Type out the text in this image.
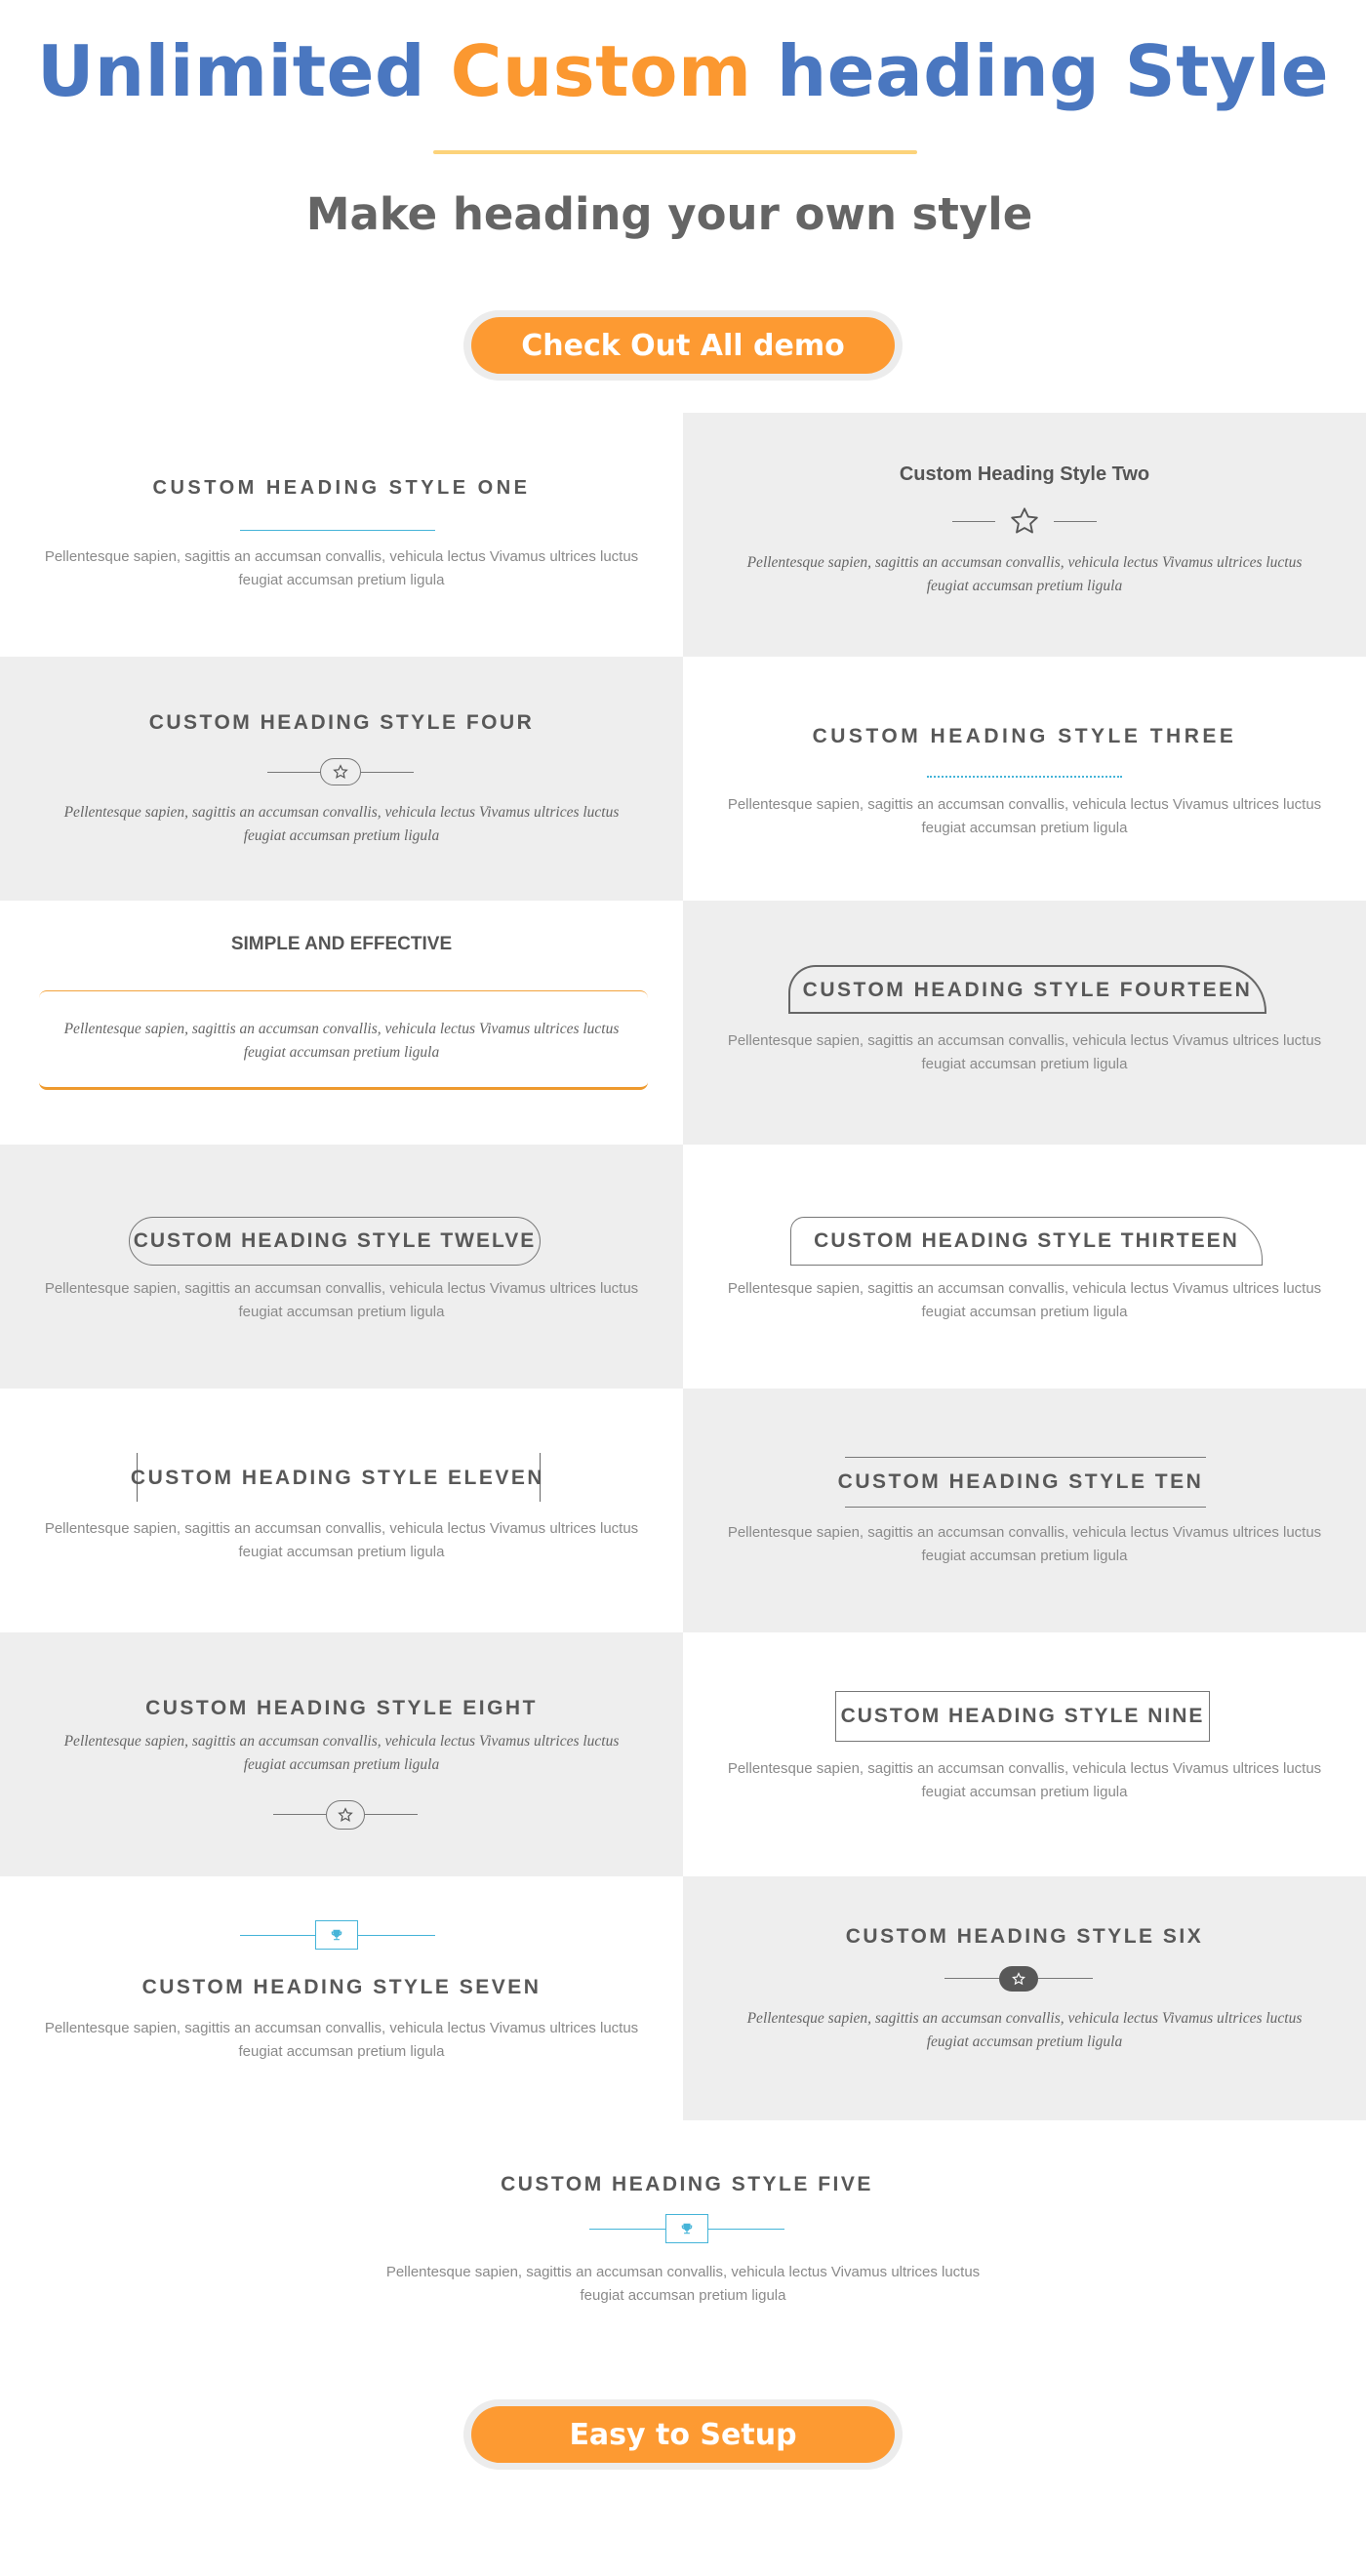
Unlimited Custom heading Style
Make heading your own style
Check Out All demo
CUSTOM HEADING STYLE ONE
Pellentesque sapien, sagittis an accumsan convallis, vehicula lectus Vivamus ultrices luctus feugiat accumsan pretium ligula
Custom Heading Style Two
Pellentesque sapien, sagittis an accumsan convallis, vehicula lectus Vivamus ultrices luctus feugiat accumsan pretium ligula
CUSTOM HEADING STYLE FOUR
Pellentesque sapien, sagittis an accumsan convallis, vehicula lectus Vivamus ultrices luctus feugiat accumsan pretium ligula
CUSTOM HEADING STYLE THREE
Pellentesque sapien, sagittis an accumsan convallis, vehicula lectus Vivamus ultrices luctus feugiat accumsan pretium ligula
SIMPLE AND EFFECTIVE
Pellentesque sapien, sagittis an accumsan convallis, vehicula lectus Vivamus ultrices luctus feugiat accumsan pretium ligula
CUSTOM HEADING STYLE FOURTEEN
Pellentesque sapien, sagittis an accumsan convallis, vehicula lectus Vivamus ultrices luctus feugiat accumsan pretium ligula
CUSTOM HEADING STYLE TWELVE
Pellentesque sapien, sagittis an accumsan convallis, vehicula lectus Vivamus ultrices luctus feugiat accumsan pretium ligula
CUSTOM HEADING STYLE THIRTEEN
Pellentesque sapien, sagittis an accumsan convallis, vehicula lectus Vivamus ultrices luctus feugiat accumsan pretium ligula
CUSTOM HEADING STYLE ELEVEN
Pellentesque sapien, sagittis an accumsan convallis, vehicula lectus Vivamus ultrices luctus feugiat accumsan pretium ligula
CUSTOM HEADING STYLE TEN
Pellentesque sapien, sagittis an accumsan convallis, vehicula lectus Vivamus ultrices luctus feugiat accumsan pretium ligula
CUSTOM HEADING STYLE EIGHT
Pellentesque sapien, sagittis an accumsan convallis, vehicula lectus Vivamus ultrices luctus feugiat accumsan pretium ligula
CUSTOM HEADING STYLE NINE
Pellentesque sapien, sagittis an accumsan convallis, vehicula lectus Vivamus ultrices luctus feugiat accumsan pretium ligula
CUSTOM HEADING STYLE SEVEN
Pellentesque sapien, sagittis an accumsan convallis, vehicula lectus Vivamus ultrices luctus feugiat accumsan pretium ligula
CUSTOM HEADING STYLE SIX
Pellentesque sapien, sagittis an accumsan convallis, vehicula lectus Vivamus ultrices luctus feugiat accumsan pretium ligula
CUSTOM HEADING STYLE FIVE
Pellentesque sapien, sagittis an accumsan convallis, vehicula lectus Vivamus ultrices luctus feugiat accumsan pretium ligula
Easy to Setup
